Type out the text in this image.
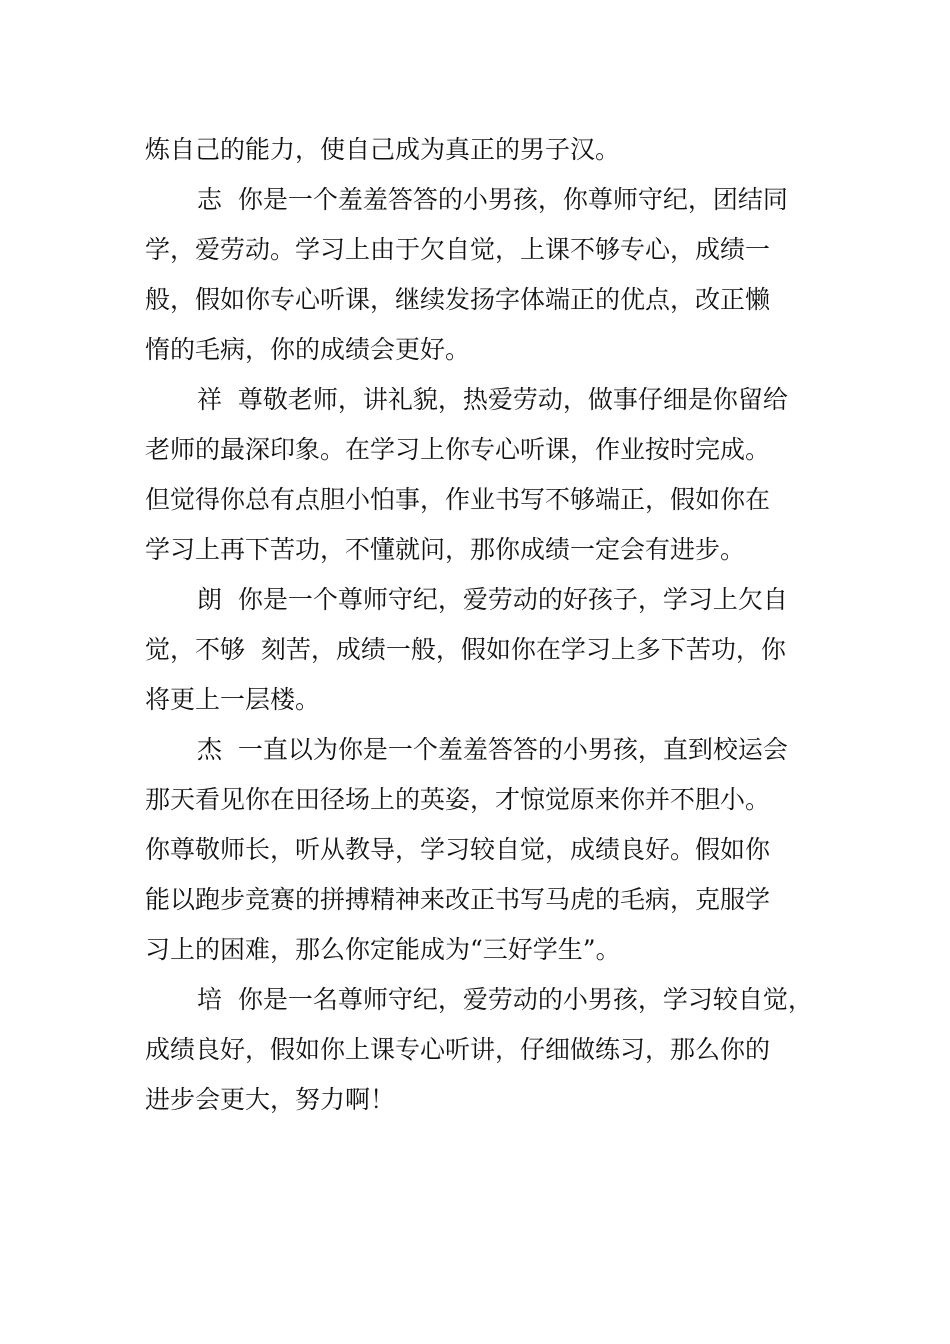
炼自己的能力，使自己成为真正的男子汉。
志  你是一个羞羞答答的小男孩，你尊师守纪，团结同
学，爱劳动。学习上由于欠自觉，上课不够专心，成绩一
般，假如你专心听课，继续发扬字体端正的优点，改正懒
惰的毛病，你的成绩会更好。
祥  尊敬老师，讲礼貌，热爱劳动，做事仔细是你留给
老师的最深印象。在学习上你专心听课，作业按时完成。
但觉得你总有点胆小怕事，作业书写不够端正，假如你在
学习上再下苦功，不懂就问，那你成绩一定会有进步。
朗  你是一个尊师守纪，爱劳动的好孩子，学习上欠自
觉，不够  刻苦，成绩一般，假如你在学习上多下苦功，你
将更上一层楼。
杰  一直以为你是一个羞羞答答的小男孩，直到校运会
那天看见你在田径场上的英姿，才惊觉原来你并不胆小。
你尊敬师长，听从教导，学习较自觉，成绩良好。假如你
能以跑步竞赛的拼搏精神来改正书写马虎的毛病，克服学
习上的困难，那么你定能成为“三好学生”。
培  你是一名尊师守纪，爱劳动的小男孩，学习较自觉，
成绩良好，假如你上课专心听讲，仔细做练习，那么你的
进步会更大，努力啊！
